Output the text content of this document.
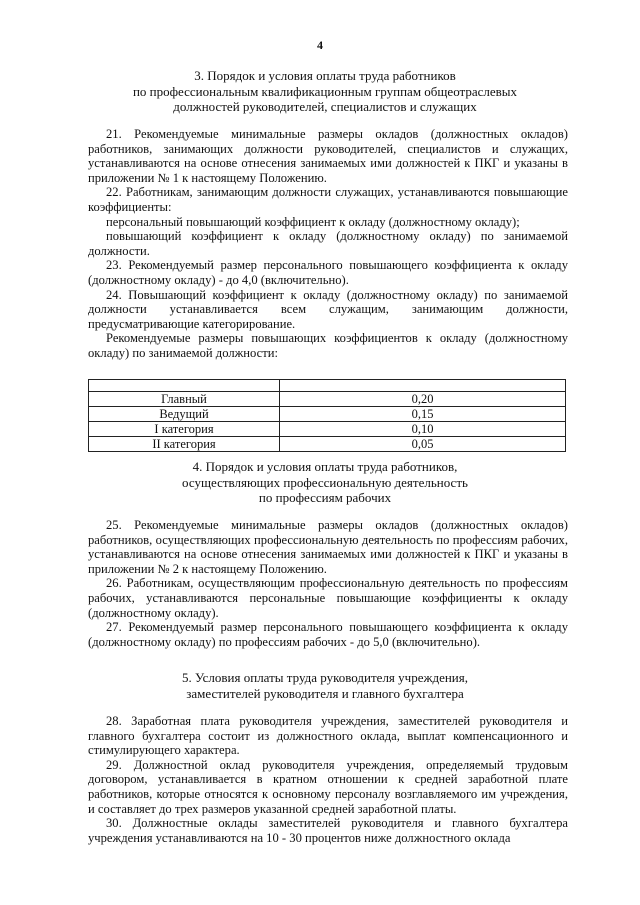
4
3. Порядок и условия оплаты труда работников
по профессиональным квалификационным группам общеотраслевых
должностей руководителей, специалистов и служащих

21. Рекомендуемые минимальные размеры окладов (должностных окладов) работников, занимающих должности руководителей, специалистов и служащих, устанавливаются на основе отнесения занимаемых ими должностей к ПКГ и указаны в приложении № 1 к настоящему Положению.

22. Работникам, занимающим должности служащих, устанавливаются повышающие коэффициенты:

персональный повышающий коэффициент к окладу (должностному окладу);

повышающий коэффициент к окладу (должностному окладу) по занимаемой должности.

23. Рекомендуемый размер персонального повышающего коэффициента к окладу (должностному окладу) - до 4,0 (включительно).

24. Повышающий коэффициент к окладу (должностному окладу) по занимаемой должности устанавливается всем служащим, занимающим должности, предусматривающие категорирование.

Рекомендуемые размеры повышающих коэффициентов к окладу (должностному окладу) по занимаемой должности:

Главный	0,20
Ведущий	0,15
I категория	0,10
II категория	0,05
4. Порядок и условия оплаты труда работников,
осуществляющих профессиональную деятельность
по профессиям рабочих

25. Рекомендуемые минимальные размеры окладов (должностных окладов) работников, осуществляющих профессиональную деятельность по профессиям рабочих, устанавливаются на основе отнесения занимаемых ими должностей к ПКГ и указаны в приложении № 2 к настоящему Положению.

26. Работникам, осуществляющим профессиональную деятельность по профессиям рабочих, устанавливаются персональные повышающие коэффициенты к окладу (должностному окладу).

27. Рекомендуемый размер персонального повышающего коэффициента к окладу (должностному окладу) по профессиям рабочих - до 5,0 (включительно).

5. Условия оплаты труда руководителя учреждения,
заместителей руководителя и главного бухгалтера

28. Заработная плата руководителя учреждения, заместителей руководителя и главного бухгалтера состоит из должностного оклада, выплат компенсационного и стимулирующего характера.

29. Должностной оклад руководителя учреждения, определяемый трудовым договором, устанавливается в кратном отношении к средней заработной плате работников, которые относятся к основному персоналу возглавляемого им учреждения, и составляет до трех размеров указанной средней заработной платы.

30. Должностные оклады заместителей руководителя и главного бухгалтера учреждения устанавливаются на 10 - 30 процентов ниже должностного оклада
